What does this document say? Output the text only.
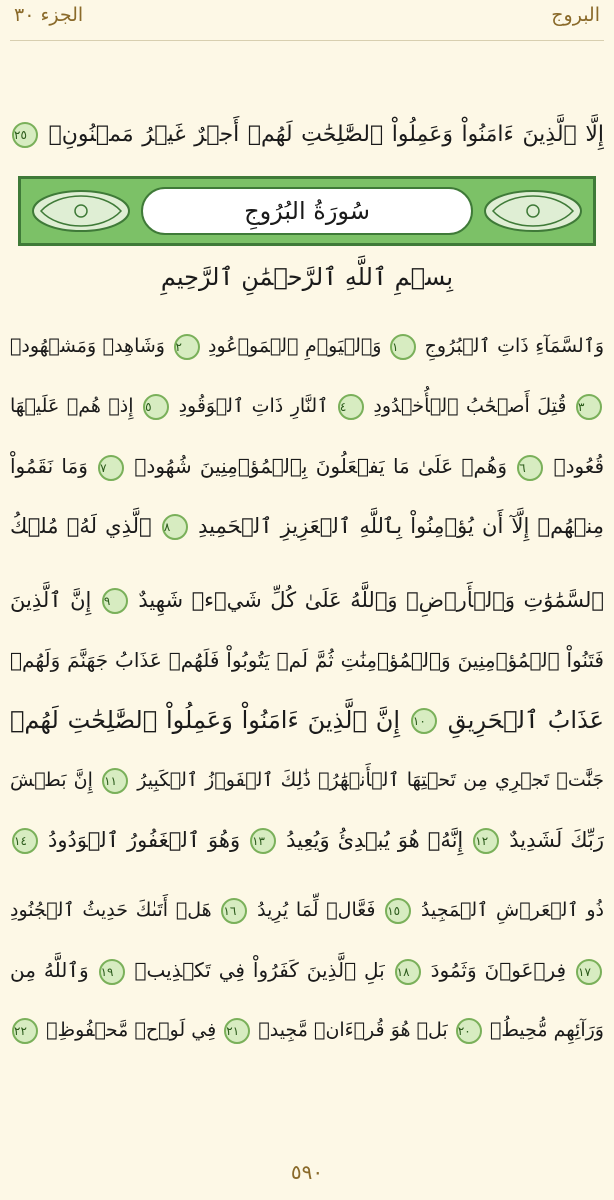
الجزء ٣٠	البروج
إِلَّا ٱلَّذِينَ ءَامَنُواْ وَعَمِلُواْ ٱلصَّٰلِحَٰتِ لَهُمۡ أَجۡرٌ غَيۡرُ مَمۡنُونِۭ ٢٥
سُورَةُ البُرُوجِ
بِسۡمِ ٱللَّهِ ٱلرَّحۡمَٰنِ ٱلرَّحِيمِ
وَٱلسَّمَآءِ ذَاتِ ٱلۡبُرُوجِ ١ وَٱلۡيَوۡمِ ٱلۡمَوۡعُودِ ٢ وَشَاهِدٖ وَمَشۡهُودٖ
٣ قُتِلَ أَصۡحَٰبُ ٱلۡأُخۡدُودِ ٤ ٱلنَّارِ ذَاتِ ٱلۡوَقُودِ ٥ إِذۡ هُمۡ عَلَيۡهَا
قُعُودٞ ٦ وَهُمۡ عَلَىٰ مَا يَفۡعَلُونَ بِٱلۡمُؤۡمِنِينَ شُهُودٞ ٧ وَمَا نَقَمُواْ
مِنۡهُمۡ إِلَّآ أَن يُؤۡمِنُواْ بِٱللَّهِ ٱلۡعَزِيزِ ٱلۡحَمِيدِ ٨ ٱلَّذِي لَهُۥ مُلۡكُ
ٱلسَّمَٰوَٰتِ وَٱلۡأَرۡضِۚ وَٱللَّهُ عَلَىٰ كُلِّ شَيۡءٖ شَهِيدٌ ٩ إِنَّ ٱلَّذِينَ
فَتَنُواْ ٱلۡمُؤۡمِنِينَ وَٱلۡمُؤۡمِنَٰتِ ثُمَّ لَمۡ يَتُوبُواْ فَلَهُمۡ عَذَابُ جَهَنَّمَ وَلَهُمۡ
عَذَابُ ٱلۡحَرِيقِ ١٠ إِنَّ ٱلَّذِينَ ءَامَنُواْ وَعَمِلُواْ ٱلصَّٰلِحَٰتِ لَهُمۡ
جَنَّٰتٞ تَجۡرِي مِن تَحۡتِهَا ٱلۡأَنۡهَٰرُۚ ذَٰلِكَ ٱلۡفَوۡزُ ٱلۡكَبِيرُ ١١ إِنَّ بَطۡشَ
رَبِّكَ لَشَدِيدٌ ١٢ إِنَّهُۥ هُوَ يُبۡدِئُ وَيُعِيدُ ١٣ وَهُوَ ٱلۡغَفُورُ ٱلۡوَدُودُ ١٤
ذُو ٱلۡعَرۡشِ ٱلۡمَجِيدُ ١٥ فَعَّالٞ لِّمَا يُرِيدُ ١٦ هَلۡ أَتَىٰكَ حَدِيثُ ٱلۡجُنُودِ
١٧ فِرۡعَوۡنَ وَثَمُودَ ١٨ بَلِ ٱلَّذِينَ كَفَرُواْ فِي تَكۡذِيبٖ ١٩ وَٱللَّهُ مِن
وَرَآئِهِم مُّحِيطُۢ ٢٠ بَلۡ هُوَ قُرۡءَانٞ مَّجِيدٞ ٢١ فِي لَوۡحٖ مَّحۡفُوظِۭ ٢٢
٥٩٠
